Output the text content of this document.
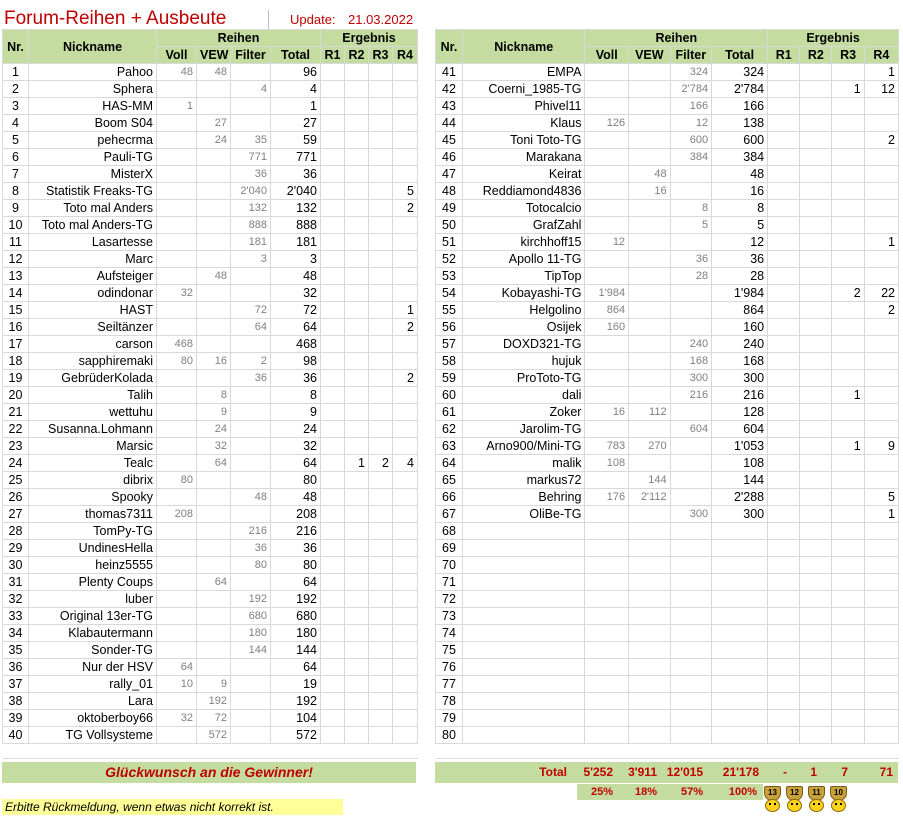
Forum-Reihen + Ausbeute	Update: 21.03.2022
Nr.	Nickname	Reihen				Ergebnis			
		Voll	VEW	Filter	Total	R1	R2	R3	R4
1	Pahoo	48	48		96				
2	Sphera			4	4				
3	HAS-MM	1			1				
4	Boom S04		27		27				
5	pehecrma		24	35	59				
6	Pauli-TG			771	771				
7	MisterX			36	36				
8	Statistik Freaks-TG			2'040	2'040				5
9	Toto mal Anders			132	132				2
10	Toto mal Anders-TG			888	888				
11	Lasartesse			181	181				
12	Marc			3	3				
13	Aufsteiger		48		48				
14	odindonar	32			32				
15	HAST			72	72				1
16	Seiltänzer			64	64				2
17	carson	468			468				
18	sapphiremaki	80	16	2	98				
19	GebrüderKolada			36	36				2
20	Talih		8		8				
21	wettuhu		9		9				
22	Susanna.Lohmann		24		24				
23	Marsic		32		32				
24	Tealc		64		64		1	2	4
25	dibrix	80			80				
26	Spooky			48	48				
27	thomas7311	208			208				
28	TomPy-TG			216	216				
29	UndinesHella			36	36				
30	heinz5555			80	80				
31	Plenty Coups		64		64				
32	luber			192	192				
33	Original 13er-TG			680	680				
34	Klabautermann			180	180				
35	Sonder-TG			144	144				
36	Nur der HSV	64			64				
37	rally_01	10	9		19				
38	Lara		192		192				
39	oktoberboy66	32	72		104				
40	TG Vollsysteme		572		572				

Nr.	Nickname	Reihen				Ergebnis			
		Voll	VEW	Filter	Total	R1	R2	R3	R4
41	EMPA			324	324				1
42	Coerni_1985-TG			2'784	2'784			1	12
43	Phivel11			166	166				
44	Klaus	126		12	138				
45	Toni Toto-TG			600	600				2
46	Marakana			384	384				
47	Keirat		48		48				
48	Reddiamond4836		16		16				
49	Totocalcio			8	8				
50	GrafZahl			5	5				
51	kirchhoff15	12			12				1
52	Apollo 11-TG			36	36				
53	TipTop			28	28				
54	Kobayashi-TG	1'984			1'984			2	22
55	Helgolino	864			864				2
56	Osijek	160			160				
57	DOXD321-TG			240	240				
58	hujuk			168	168				
59	ProToto-TG			300	300				
60	dali			216	216			1	
61	Zoker	16	112		128				
62	Jarolim-TG			604	604				
63	Arno900/Mini-TG	783	270		1'053			1	9
64	malik	108			108				
65	markus72		144		144				
66	Behring	176	2'112		2'288				5
67	OliBe-TG			300	300				1
68									
69									
70									
71									
72									
73									
74									
75									
76									
77									
78									
79									
80									

Glückwunsch an die Gewinner!	Total	5'252	3'911 12'015	21'178	-	1	7	71
25%	18%	57%	100%
Erbitte Rückmeldung, wenn etwas nicht korrekt ist.
13	12	11	10
